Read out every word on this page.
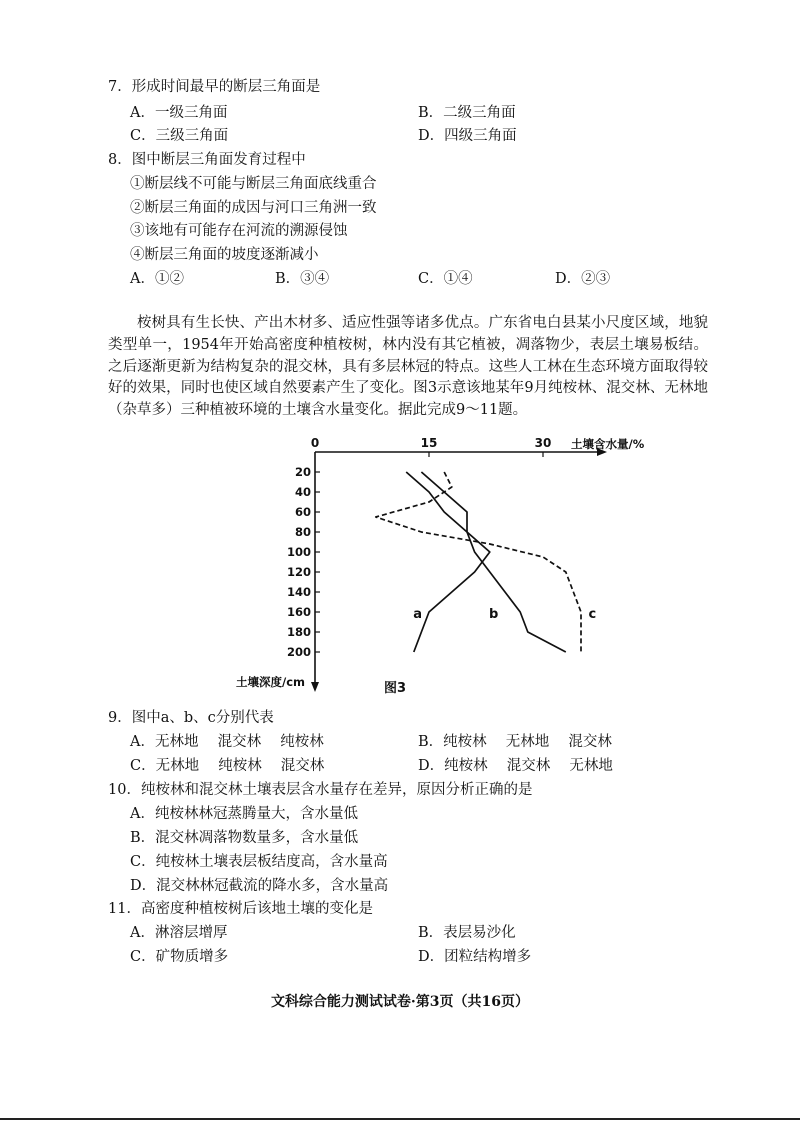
7．形成时间最早的断层三角面是
A．一级三角面	B．二级三角面
C．三级三角面	D．四级三角面
8．图中断层三角面发育过程中
①断层线不可能与断层三角面底线重合
②断层三角面的成因与河口三角洲一致
③该地有可能存在河流的溯源侵蚀
④断层三角面的坡度逐渐减小
A．①②	B．③④	C．①④	D．②③

桉树具有生长快、产出木材多、适应性强等诸多优点。广东省电白县某小尺度区域，地貌类型单一，1954年开始高密度种植桉树，林内没有其它植被，凋落物少，表层土壤易板结。之后逐渐更新为结构复杂的混交林，具有多层林冠的特点。这些人工林在生态环境方面取得较好的效果，同时也使区域自然要素产生了变化。图3示意该地某年9月纯桉林、混交林、无林地（杂草多）三种植被环境的土壤含水量变化。据此完成9～11题。

0	15	30
20
40
60
80
100
120
140
160
180
200
土壤含水量/%
土壤深度/cm
a	b	c
图3
9．图中a、b、c分别代表
A．无林地　 混交林　 纯桉林	B．纯桉林　 无林地　 混交林
C．无林地　 纯桉林　 混交林	D．纯桉林　 混交林　 无林地
10．纯桉林和混交林土壤表层含水量存在差异，原因分析正确的是
A．纯桉林林冠蒸腾量大，含水量低
B．混交林凋落物数量多，含水量低
C．纯桉林土壤表层板结度高，含水量高
D．混交林林冠截流的降水多，含水量高
11．高密度种植桉树后该地土壤的变化是
A．淋溶层增厚	B．表层易沙化
C．矿物质增多	D．团粒结构增多
文科综合能力测试试卷·第3页（共16页）
